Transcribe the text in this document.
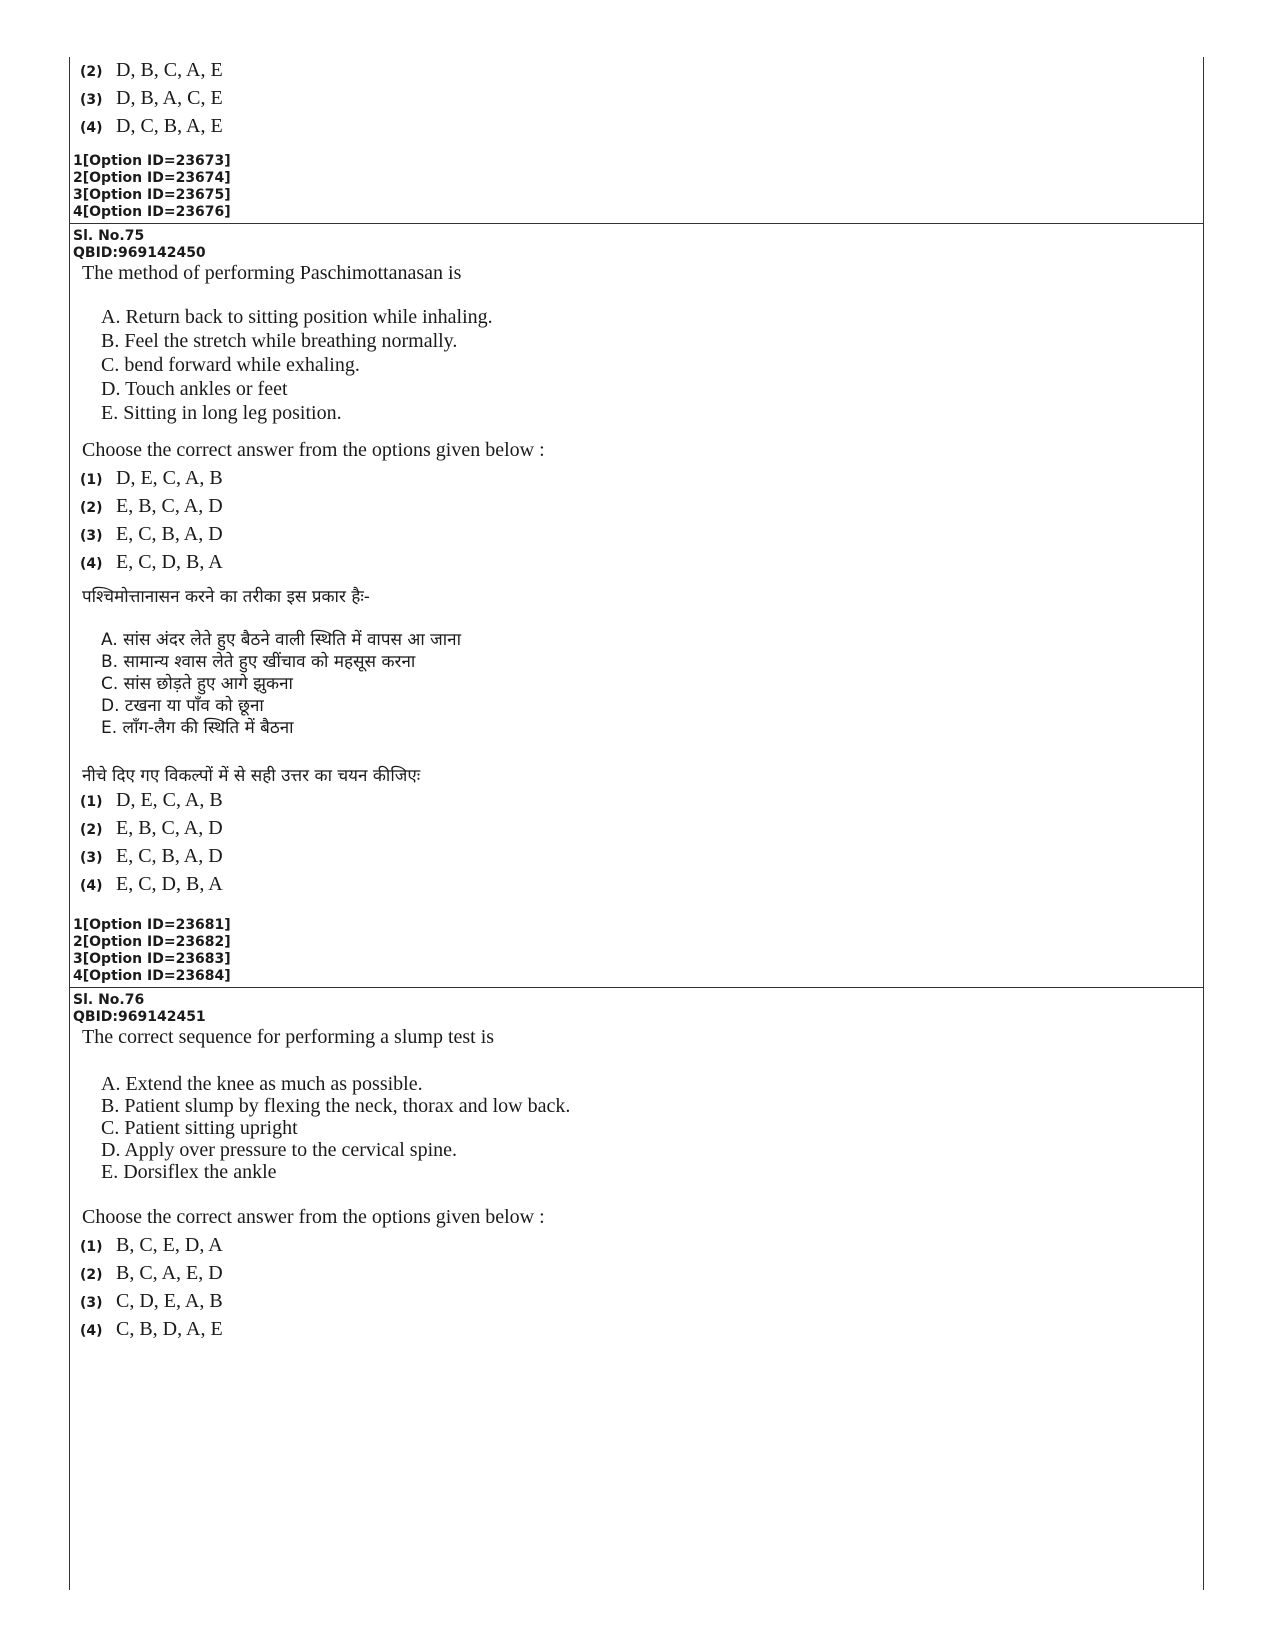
(2) D, B, C, A, E
(3) D, B, A, C, E
(4) D, C, B, A, E
1[Option ID=23673]
2[Option ID=23674]
3[Option ID=23675]
4[Option ID=23676]
Sl. No.75
QBID:969142450
The method of performing Paschimottanasan is
A. Return back to sitting position while inhaling.
B. Feel the stretch while breathing normally.
C. bend forward while exhaling.
D. Touch ankles or feet
E. Sitting in long leg position.
Choose the correct answer from the options given below :
(1) D, E, C, A, B
(2) E, B, C, A, D
(3) E, C, B, A, D
(4) E, C, D, B, A
पश्चिमोत्तानासन करने का तरीका इस प्रकार हैः-
A. सांस अंदर लेते हुए बैठने वाली स्थिति में वापस आ जाना
B. सामान्य श्वास लेते हुए खींचाव को महसूस करना
C. सांस छोड़ते हुए आगे झुकना
D. टखना या पाँव को छूना
E. लाँग-लैग की स्थिति में बैठना
नीचे दिए गए विकल्पों में से सही उत्तर का चयन कीजिएः
(1) D, E, C, A, B
(2) E, B, C, A, D
(3) E, C, B, A, D
(4) E, C, D, B, A
1[Option ID=23681]
2[Option ID=23682]
3[Option ID=23683]
4[Option ID=23684]
Sl. No.76
QBID:969142451
The correct sequence for performing a slump test is
A. Extend the knee as much as possible.
B. Patient slump by flexing the neck, thorax and low back.
C. Patient sitting upright
D. Apply over pressure to the cervical spine.
E. Dorsiflex the ankle
Choose the correct answer from the options given below :
(1) B, C, E, D, A
(2) B, C, A, E, D
(3) C, D, E, A, B
(4) C, B, D, A, E
